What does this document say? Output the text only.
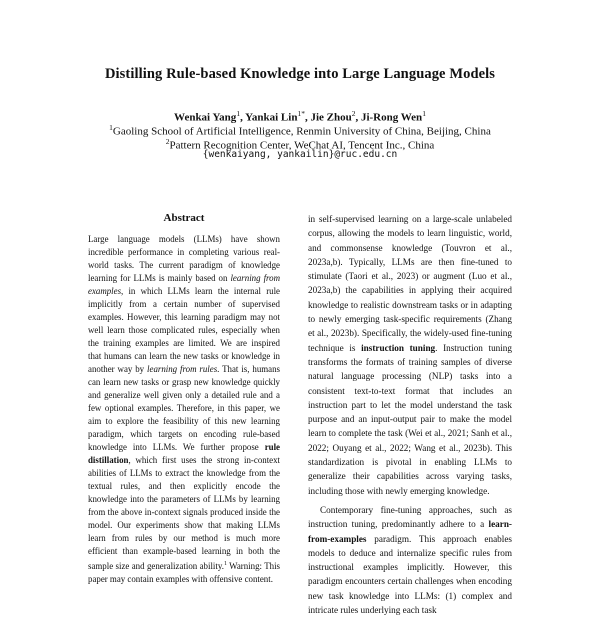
Distilling Rule-based Knowledge into Large Language Models
Wenkai Yang$^1$, Yankai Lin$^{1*}$, Jie Zhou$^2$, Ji-Rong Wen$^1$
$^1$Gaoling School of Artificial Intelligence, Renmin University of China, Beijing, China
$^2$Pattern Recognition Center, WeChat AI, Tencent Inc., China
{wenkaiyang, yankailin}@ruc.edu.cn
Abstract
Large language models (LLMs) have shown incredible performance in completing various real-world tasks. The current paradigm of knowledge learning for LLMs is mainly based on learning from examples, in which LLMs learn the internal rule implicitly from a certain number of supervised examples. However, this learning paradigm may not well learn those complicated rules, especially when the training examples are limited. We are inspired that humans can learn the new tasks or knowledge in another way by learning from rules. That is, humans can learn new tasks or grasp new knowledge quickly and generalize well given only a detailed rule and a few optional examples. Therefore, in this paper, we aim to explore the feasibility of this new learning paradigm, which targets on encoding rule-based knowledge into LLMs. We further propose rule distillation, which first uses the strong in-context abilities of LLMs to extract the knowledge from the textual rules, and then explicitly encode the knowledge into the parameters of LLMs by learning from the above in-context signals produced inside the model. Our experiments show that making LLMs learn from rules by our method is much more efficient than example-based learning in both the sample size and generalization ability.$^1$ Warning: This paper may contain examples with offensive content.

in self-supervised learning on a large-scale unlabeled corpus, allowing the models to learn linguistic, world, and commonsense knowledge (Touvron et al., 2023a,b). Typically, LLMs are then fine-tuned to stimulate (Taori et al., 2023) or augment (Luo et al., 2023a,b) the capabilities in applying their acquired knowledge to realistic downstream tasks or in adapting to newly emerging task-specific requirements (Zhang et al., 2023b). Specifically, the widely-used fine-tuning technique is instruction tuning. Instruction tuning transforms the formats of training samples of diverse natural language processing (NLP) tasks into a consistent text-to-text format that includes an instruction part to let the model understand the task purpose and an input-output pair to make the model learn to complete the task (Wei et al., 2021; Sanh et al., 2022; Ouyang et al., 2022; Wang et al., 2023b). This standardization is pivotal in enabling LLMs to generalize their capabilities across varying tasks, including those with newly emerging knowledge.

Contemporary fine-tuning approaches, such as instruction tuning, predominantly adhere to a learn-from-examples paradigm. This approach enables models to deduce and internalize specific rules from instructional examples implicitly. However, this paradigm encounters certain challenges when encoding new task knowledge into LLMs: (1) complex and intricate rules underlying each task
